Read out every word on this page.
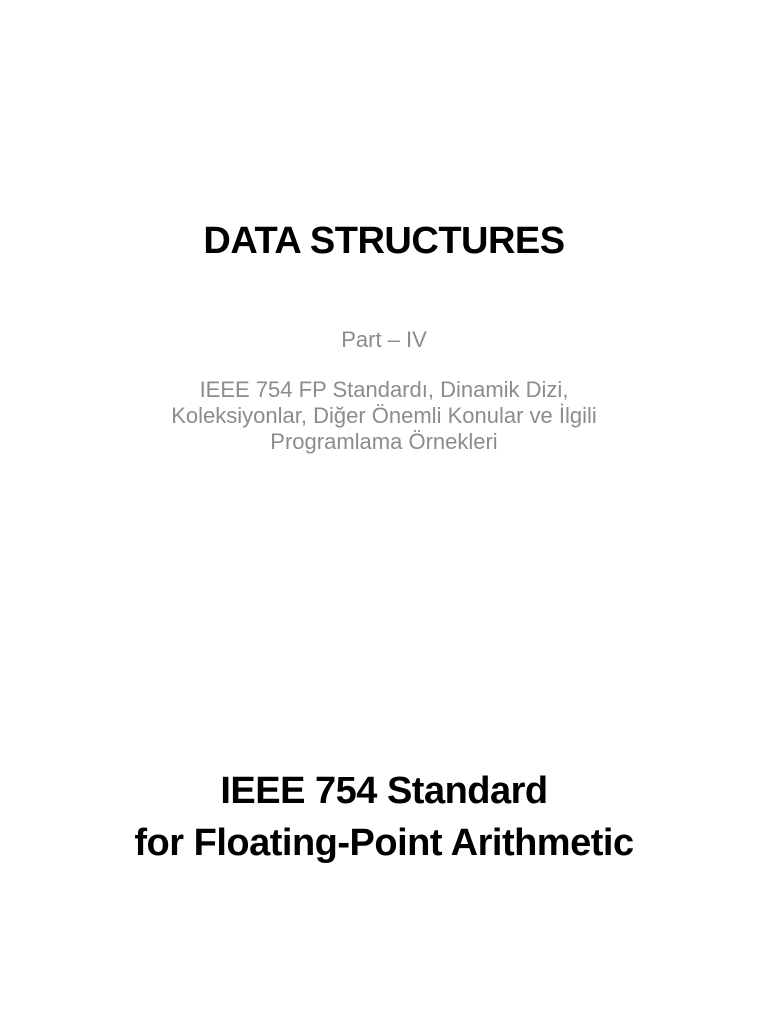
DATA STRUCTURES
Part – IV
IEEE 754 FP Standardı, Dinamik Dizi,
Koleksiyonlar, Diğer Önemli Konular ve İlgili
Programlama Örnekleri
IEEE 754 Standard
for Floating-Point Arithmetic
